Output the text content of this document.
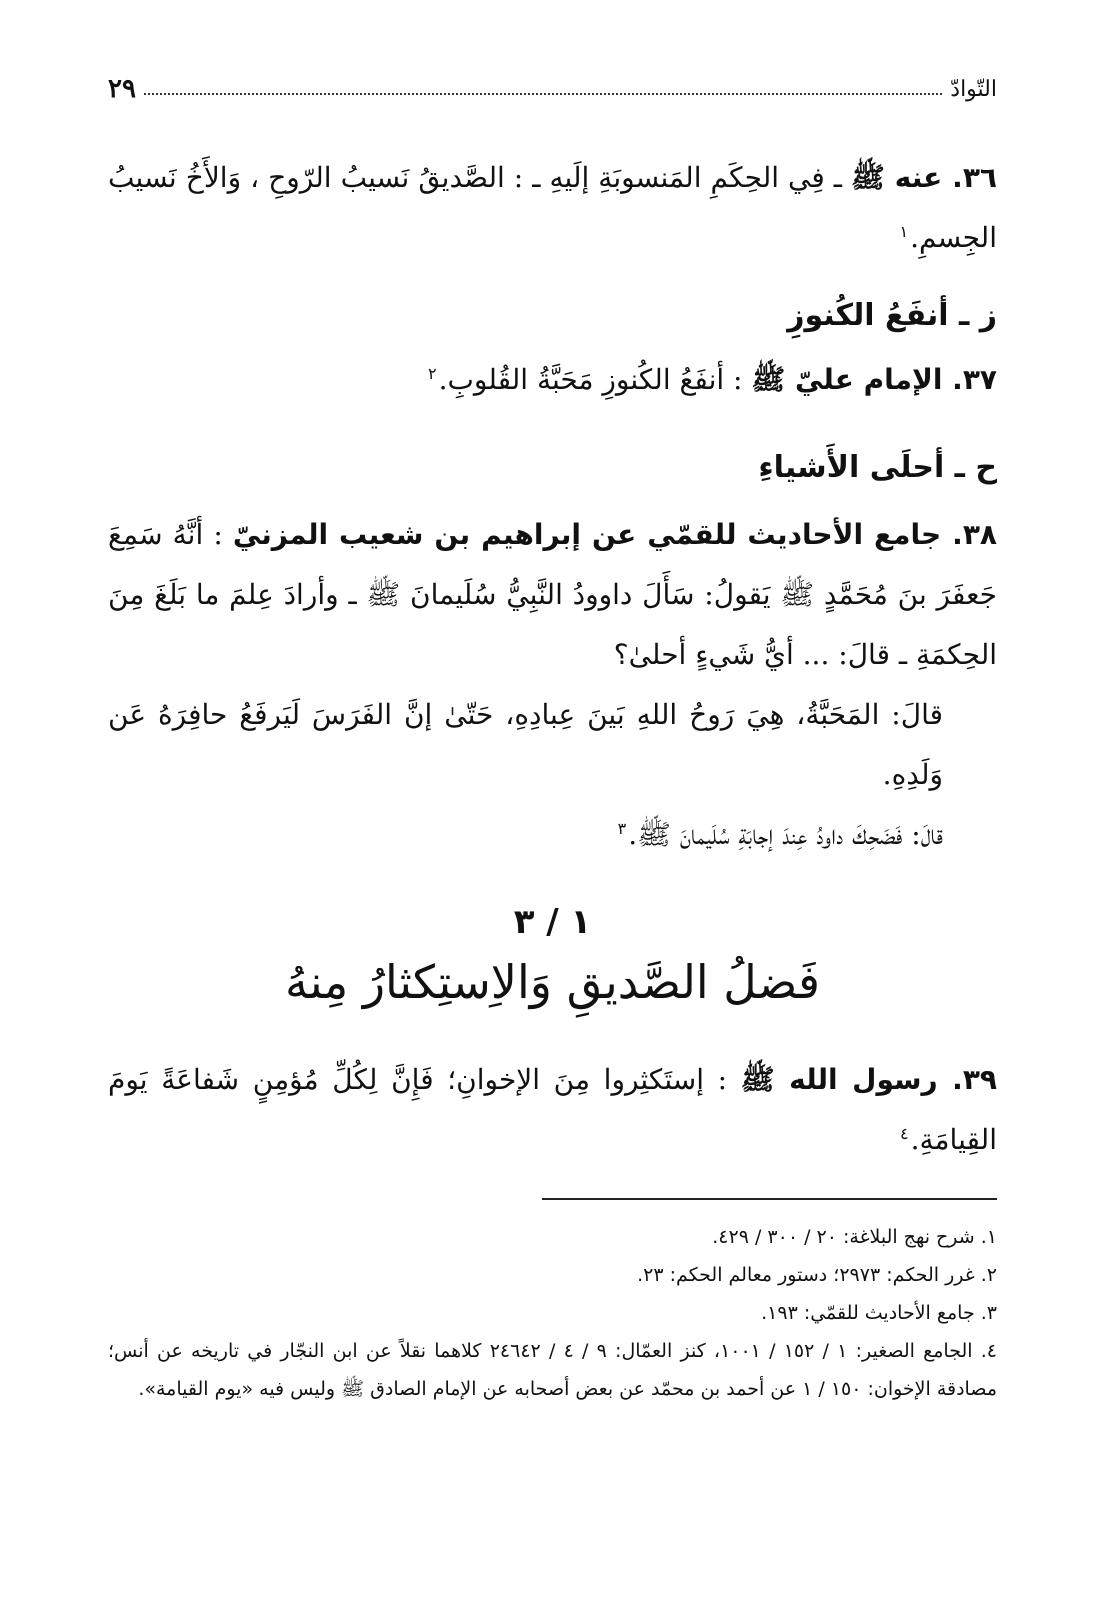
التّوادّ
٢٩
٣٦. عنه ﷺ ـ فِي الحِكَمِ المَنسوبَةِ إلَيهِ ـ : الصَّديقُ نَسيبُ الرّوحِ ، وَالأَخُ نَسيبُ الجِسمِ.$^١$
ز ـ أنفَعُ الكُنوزِ
٣٧. الإمام عليّ ﷺ : أنفَعُ الكُنوزِ مَحَبَّةُ القُلوبِ.$^٢$
ح ـ أحلَى الأَشياءِ
٣٨. جامع الأحاديث للقمّي عن إبراهيم بن شعيب المزنيّ : أنَّهُ سَمِعَ جَعفَرَ بنَ مُحَمَّدٍ ﷺ يَقولُ: سَأَلَ داوودُ النَّبِيُّ سُلَيمانَ ﷺ ـ وأرادَ عِلمَ ما بَلَغَ مِنَ الحِكمَةِ ـ قالَ: ... أيُّ شَيءٍ أحلىٰ؟
قالَ: المَحَبَّةُ، هِيَ رَوحُ اللهِ بَينَ عِبادِهِ، حَتّىٰ إنَّ الفَرَسَ لَيَرفَعُ حافِرَهُ عَن وَلَدِهِ.
قالَ: فَضَحِكَ داودُ عِندَ إجابَةِ سُلَيمانَ ﷺ.$^٣$
١ / ٣
فَضلُ الصَّديقِ وَالاِستِكثارُ مِنهُ
٣٩. رسول الله ﷺ : إستَكثِروا مِنَ الإخوانِ؛ فَإِنَّ لِكُلِّ مُؤمِنٍ شَفاعَةً يَومَ القِيامَةِ.$^٤$
١. شرح نهج البلاغة: ٢٠ / ٣٠٠ / ٤٢٩.
٢. غرر الحكم: ٢٩٧٣؛ دستور معالم الحكم: ٢٣.
٣. جامع الأحاديث للقمّي: ١٩٣.
٤. الجامع الصغير: ١ / ١٥٢ / ١٠٠١، كنز العمّال: ٩ / ٤ / ٢٤٦٤٢ كلاهما نقلاً عن ابن النجّار في تاريخه عن أنس؛ مصادقة الإخوان: ١٥٠ / ١ عن أحمد بن محمّد عن بعض أصحابه عن الإمام الصادق ﷺ وليس فيه «يوم القيامة».
